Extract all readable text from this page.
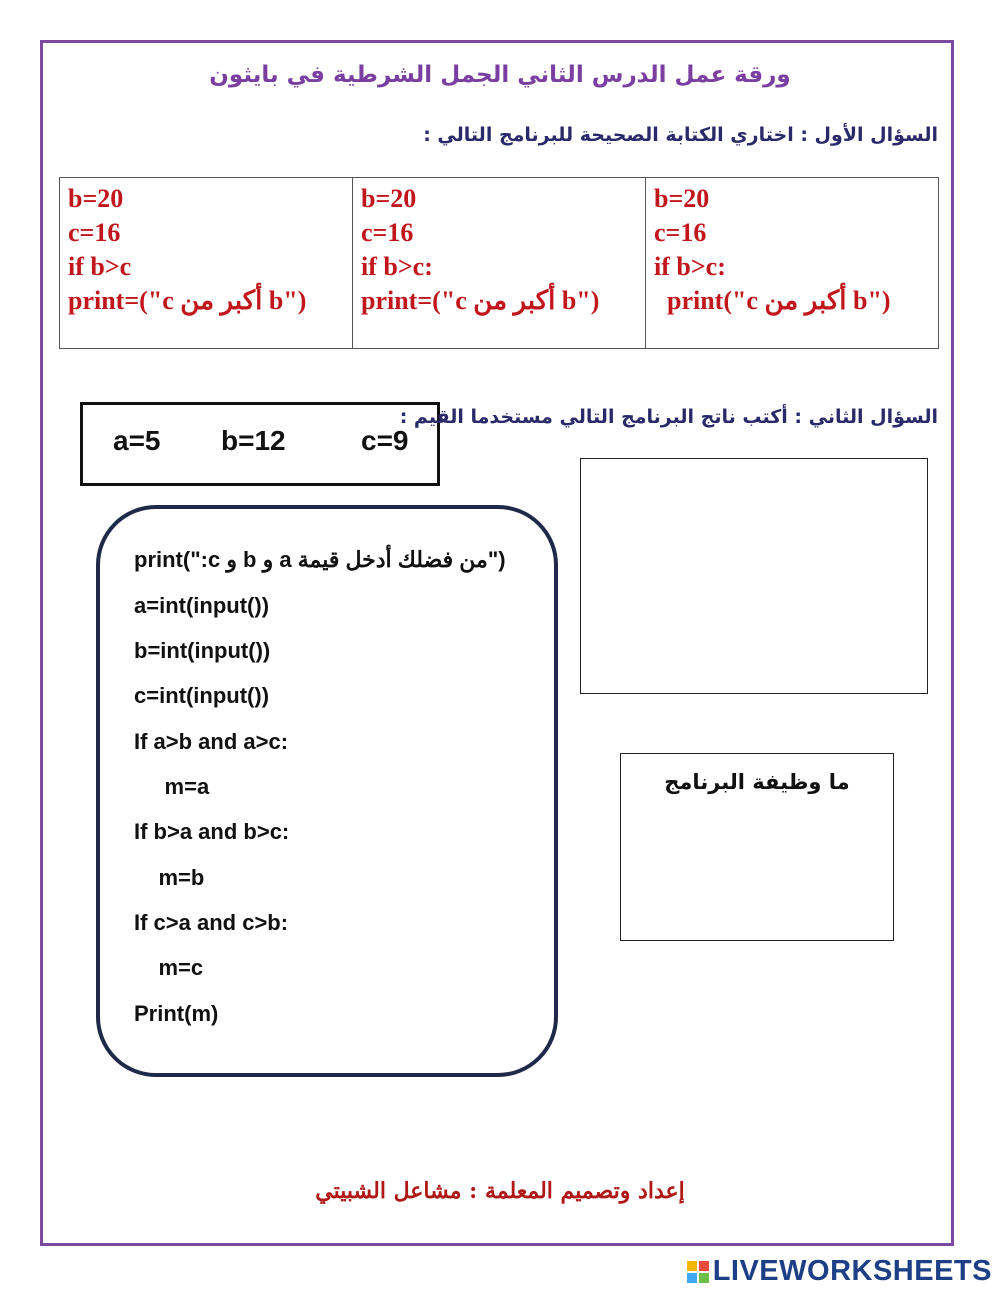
ورقة عمل الدرس الثاني الجمل الشرطية في بايثون
السؤال الأول : اختاري الكتابة الصحيحة للبرنامج التالي :
b=20
c=16
if b>c
print=("c أكبر من b")

b=20
c=16
if b>c:
print=("c أكبر من b")

b=20
c=16
if b>c:
print("c أكبر من b")
a=5 b=12	c=9
السؤال الثاني : أكتب ناتج البرنامج التالي مستخدما القيم :
print(":c و b و a من فضلك أدخل قيمة")
a=int(input())
b=int(input())
c=int(input())
If a>b and a>c:
m=a
If b>a and b>c:
m=b
If c>a and c>b:
m=c
Print(m)
ما وظيفة البرنامج
إعداد وتصميم المعلمة : مشاعل الشبيتي
LIVEWORKSHEETS
